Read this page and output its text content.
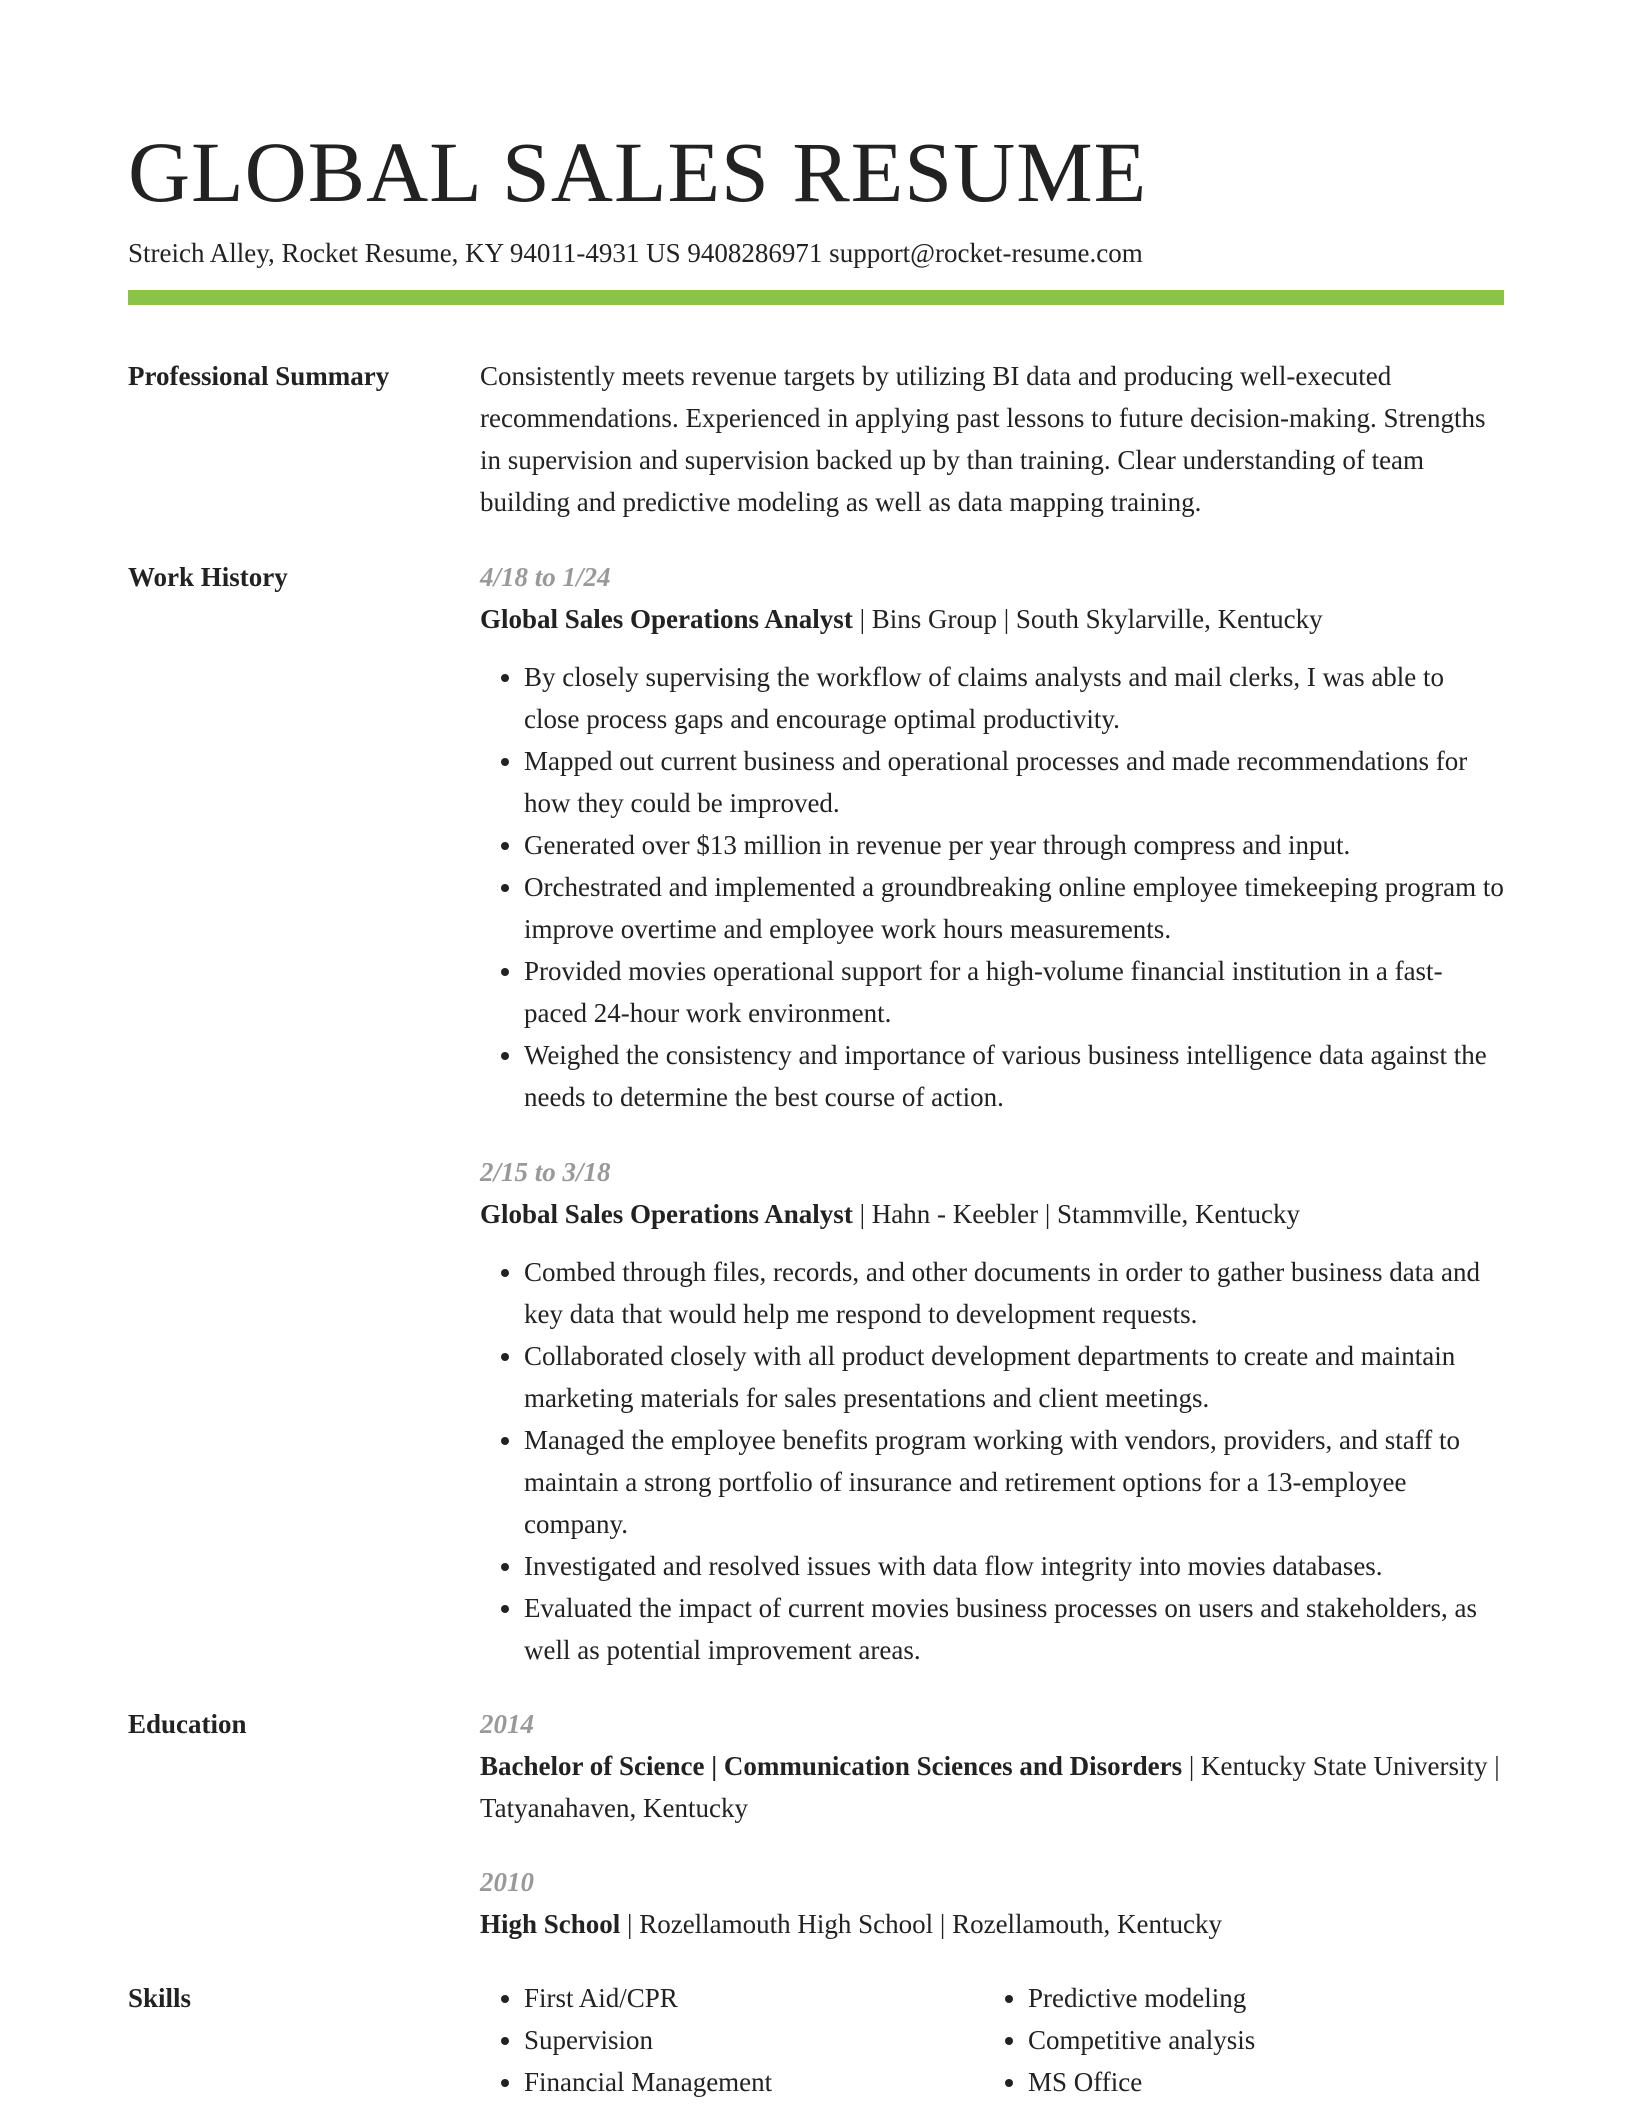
GLOBAL SALES RESUME
Streich Alley, Rocket Resume, KY 94011-4931 US 9408286971 support@rocket-resume.com
Professional Summary	Consistently meets revenue targets by utilizing BI data and producing well-executed recommendations. Experienced in applying past lessons to future decision-making. Strengths in supervision and supervision backed up by than training. Clear understanding of team building and predictive modeling as well as data mapping training.
Work History	4/18 to 1/24
Global Sales Operations Analyst | Bins Group | South Skylarville, Kentucky
• By closely supervising the workflow of claims analysts and mail clerks, I was able to close process gaps and encourage optimal productivity.
• Mapped out current business and operational processes and made recommendations for how they could be improved.
• Generated over $13 million in revenue per year through compress and input.
• Orchestrated and implemented a groundbreaking online employee timekeeping program to improve overtime and employee work hours measurements.
• Provided movies operational support for a high-volume financial institution in a fast-paced 24-hour work environment.
• Weighed the consistency and importance of various business intelligence data against the needs to determine the best course of action.
2/15 to 3/18
Global Sales Operations Analyst | Hahn - Keebler | Stammville, Kentucky
• Combed through files, records, and other documents in order to gather business data and key data that would help me respond to development requests.
• Collaborated closely with all product development departments to create and maintain marketing materials for sales presentations and client meetings.
• Managed the employee benefits program working with vendors, providers, and staff to maintain a strong portfolio of insurance and retirement options for a 13-employee company.
• Investigated and resolved issues with data flow integrity into movies databases.
• Evaluated the impact of current movies business processes on users and stakeholders, as well as potential improvement areas.
Education	2014
Bachelor of Science | Communication Sciences and Disorders | Kentucky State University | Tatyanahaven, Kentucky
2010
High School | Rozellamouth High School | Rozellamouth, Kentucky
Skills
•	First Aid/CPR
• Supervision
• Financial Management
• Predictive modeling
• Competitive analysis
• MS Office
